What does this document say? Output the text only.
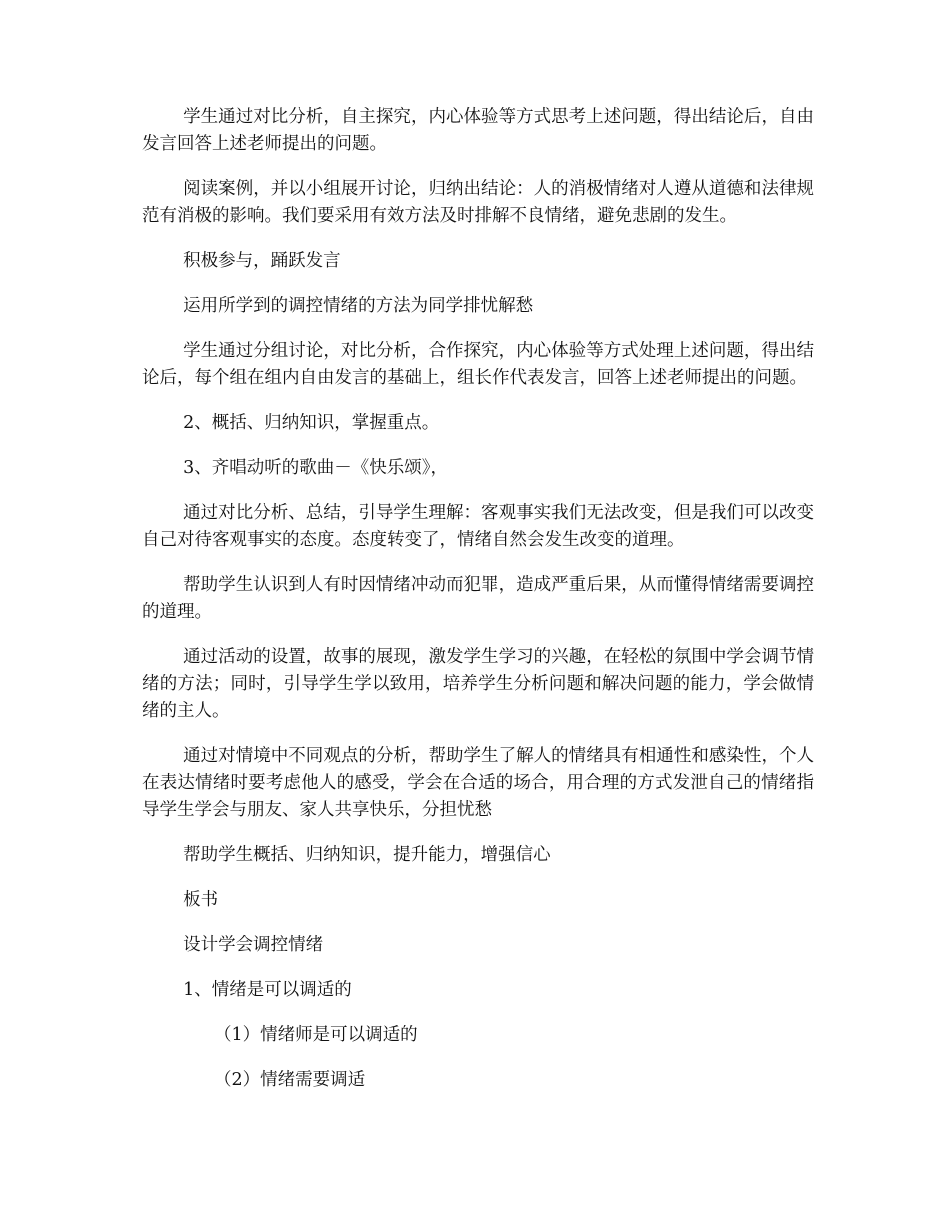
学生通过对比分析，自主探究，内心体验等方式思考上述问题，得出结论后，自由发言回答上述老师提出的问题。

阅读案例，并以小组展开讨论，归纳出结论：人的消极情绪对人遵从道德和法律规范有消极的影响。我们要采用有效方法及时排解不良情绪，避免悲剧的发生。

积极参与，踊跃发言

运用所学到的调控情绪的方法为同学排忧解愁

学生通过分组讨论，对比分析，合作探究，内心体验等方式处理上述问题，得出结论后，每个组在组内自由发言的基础上，组长作代表发言，回答上述老师提出的问题。

2、概括、归纳知识，掌握重点。

3、齐唱动听的歌曲－《快乐颂》，

通过对比分析、总结，引导学生理解：客观事实我们无法改变，但是我们可以改变自己对待客观事实的态度。态度转变了，情绪自然会发生改变的道理。

帮助学生认识到人有时因情绪冲动而犯罪，造成严重后果，从而懂得情绪需要调控的道理。

通过活动的设置，故事的展现，激发学生学习的兴趣，在轻松的氛围中学会调节情绪的方法；同时，引导学生学以致用，培养学生分析问题和解决问题的能力，学会做情绪的主人。

通过对情境中不同观点的分析，帮助学生了解人的情绪具有相通性和感染性，个人在表达情绪时要考虑他人的感受，学会在合适的场合，用合理的方式发泄自己的情绪指导学生学会与朋友、家人共享快乐，分担忧愁

帮助学生概括、归纳知识，提升能力，增强信心

板书

设计学会调控情绪

1、情绪是可以调适的

（1）情绪师是可以调适的

（2）情绪需要调适
